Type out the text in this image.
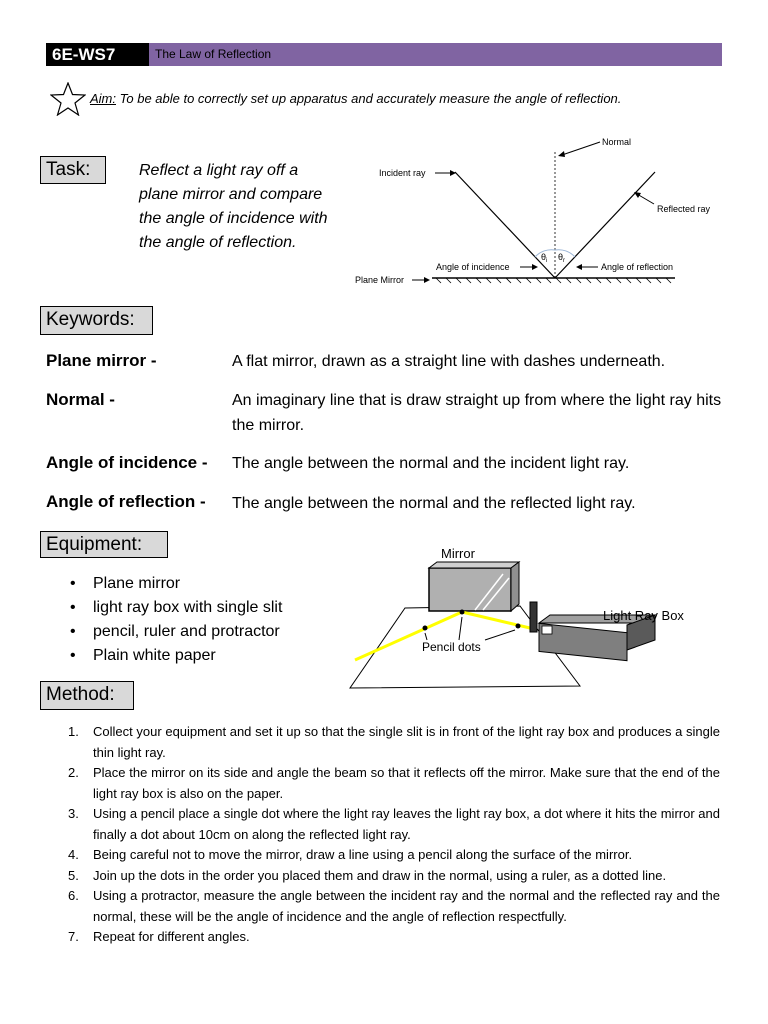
6E-WS7	The Law of Reflection
Aim: To be able to correctly set up apparatus and accurately measure the angle of reflection.
Task:	Reflect a light ray off a
plane mirror and compare
the angle of incidence with
the angle of reflection.
Normal
Incident ray
Reflected ray
$\theta_i$ $\theta_r$
Angle of incidence	Angle of reflection
Plane Mirror
Keywords:
Plane mirror -	A flat mirror, drawn as a straight line with dashes underneath.
Normal -	An imaginary line that is draw straight up from where the light ray hits the mirror.
Angle of incidence - The angle between the normal and the incident light ray.
Angle of reflection - The angle between the normal and the reflected light ray.
Equipment:
• Plane mirror
• light ray box with single slit
• pencil, ruler and protractor
• Plain white paper
Mirror
Light Ray Box
Pencil dots
Method:
1. Collect your equipment and set it up so that the single slit is in front of the light ray box and produces a single thin light ray.
2. Place the mirror on its side and angle the beam so that it reflects off the mirror. Make sure that the end of the light ray box is also on the paper.
3. Using a pencil place a single dot where the light ray leaves the light ray box, a dot where it hits the mirror and finally a dot about 10cm on along the reflected light ray.
4. Being careful not to move the mirror, draw a line using a pencil along the surface of the mirror.
5. Join up the dots in the order you placed them and draw in the normal, using a ruler, as a dotted line.
6. Using a protractor, measure the angle between the incident ray and the normal and the reflected ray and the normal, these will be the angle of incidence and the angle of reflection respectfully.
7. Repeat for different angles.
